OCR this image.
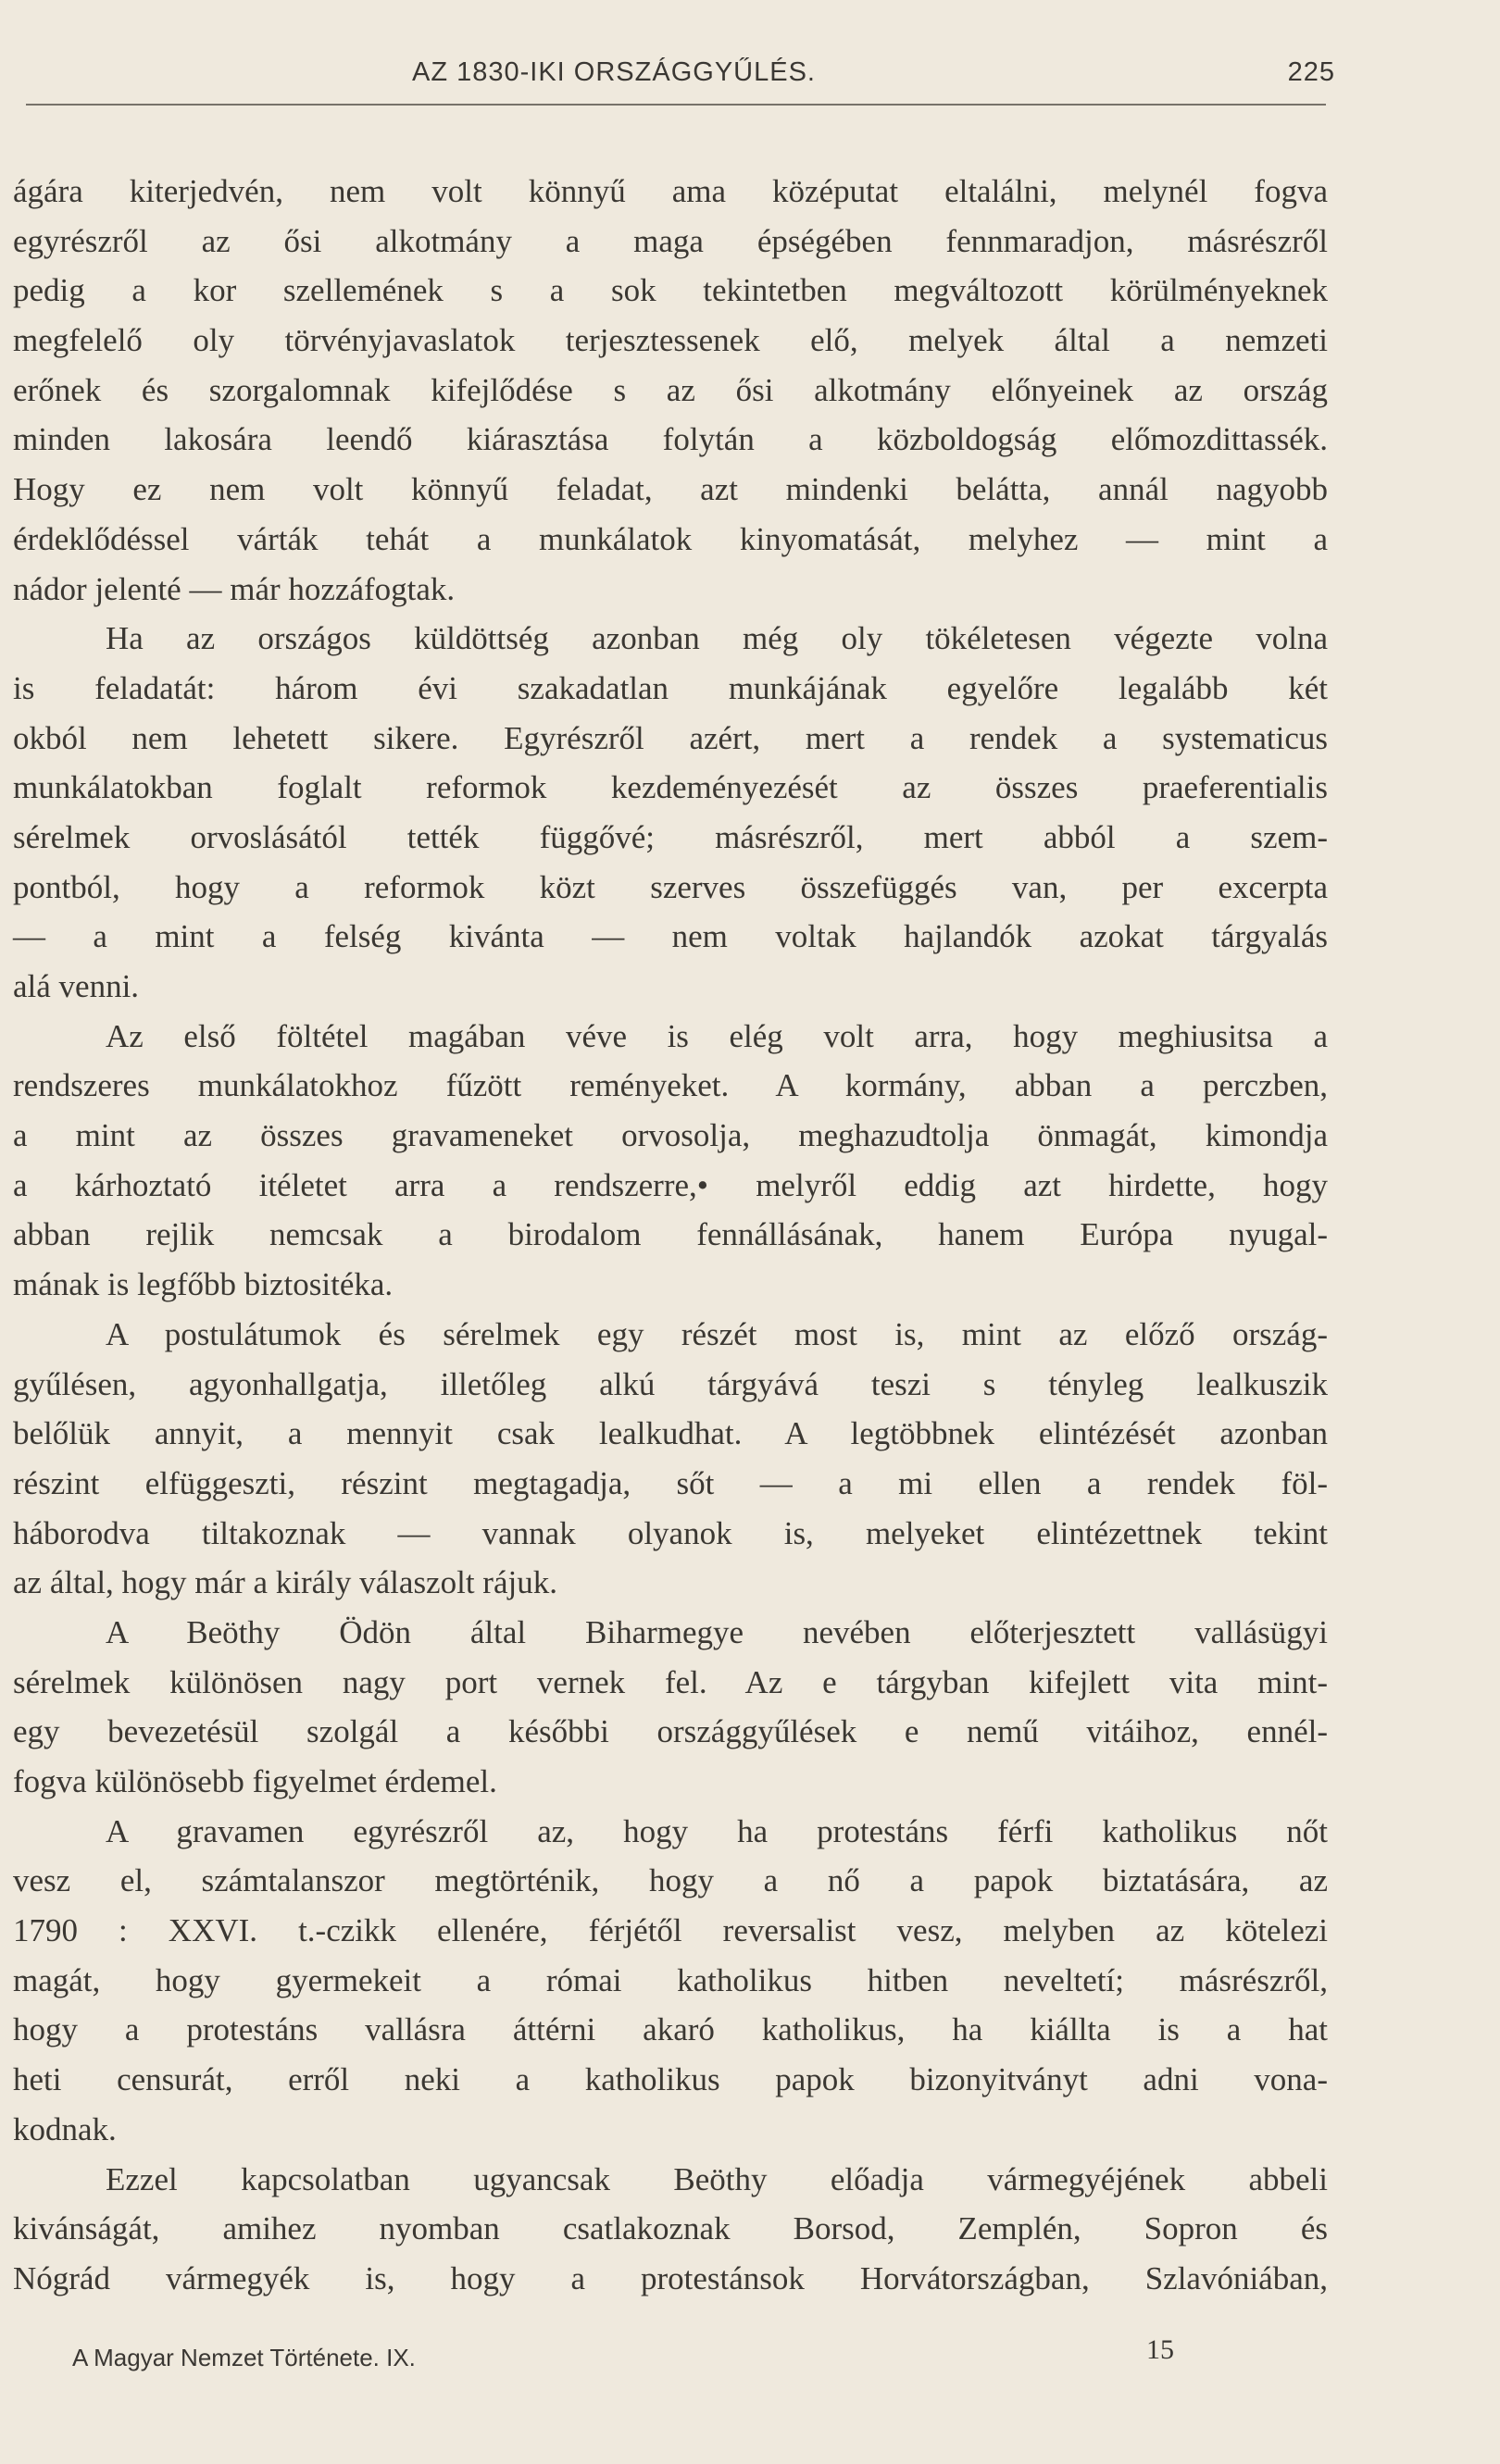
AZ 1830-IKI ORSZÁGGYŰLÉS.	225
ágára kiterjedvén, nem volt könnyű ama középutat eltalálni, melynél fogva
egyrészről az ősi alkotmány a maga épségében fennmaradjon, másrészről
pedig a kor szellemének s a sok tekintetben megváltozott körülményeknek
megfelelő oly törvényjavaslatok terjesztessenek elő, melyek által a nemzeti
erőnek és szorgalomnak kifejlődése s az ősi alkotmány előnyeinek az ország
minden lakosára leendő kiárasztása folytán a közboldogság előmozdittassék.
Hogy ez nem volt könnyű feladat, azt mindenki belátta, annál nagyobb
érdeklődéssel várták tehát a munkálatok kinyomatását, melyhez — mint a
nádor jelenté — már hozzáfogtak.
Ha az országos küldöttség azonban még oly tökéletesen végezte volna
is feladatát: három évi szakadatlan munkájának egyelőre legalább két
okból nem lehetett sikere. Egyrészről azért, mert a rendek a systematicus
munkálatokban foglalt reformok kezdeményezését az összes praeferentialis
sérelmek orvoslásától tették függővé; másrészről, mert abból a szem-
pontból, hogy a reformok közt szerves összefüggés van, per excerpta
— a mint a felség kivánta — nem voltak hajlandók azokat tárgyalás
alá venni.
Az első föltétel magában véve is elég volt arra, hogy meghiusitsa a
rendszeres munkálatokhoz fűzött reményeket. A kormány, abban a perczben,
a mint az összes gravameneket orvosolja, meghazudtolja önmagát, kimondja
a kárhoztató itéletet arra a rendszerre,• melyről eddig azt hirdette, hogy
abban rejlik nemcsak a birodalom fennállásának, hanem Európa nyugal-
mának is legfőbb biztositéka.
A postulátumok és sérelmek egy részét most is, mint az előző ország-
gyűlésen, agyonhallgatja, illetőleg alkú tárgyává teszi s tényleg lealkuszik
belőlük annyit, a mennyit csak lealkudhat. A legtöbbnek elintézését azonban
részint elfüggeszti, részint megtagadja, sőt — a mi ellen a rendek föl-
háborodva tiltakoznak — vannak olyanok is, melyeket elintézettnek tekint
az által, hogy már a király válaszolt rájuk.
A Beöthy Ödön által Biharmegye nevében előterjesztett vallásügyi
sérelmek különösen nagy port vernek fel. Az e tárgyban kifejlett vita mint-
egy bevezetésül szolgál a későbbi országgyűlések e nemű vitáihoz, ennél-
fogva különösebb figyelmet érdemel.
A gravamen egyrészről az, hogy ha protestáns férfi katholikus nőt
vesz el, számtalanszor megtörténik, hogy a nő a papok biztatására, az
1790 : XXVI. t.-czikk ellenére, férjétől reversalist vesz, melyben az kötelezi
magát, hogy gyermekeit a római katholikus hitben neveltetí; másrészről,
hogy a protestáns vallásra áttérni akaró katholikus, ha kiállta is a hat
heti censurát, erről neki a katholikus papok bizonyitványt adni vona-
kodnak.
Ezzel kapcsolatban ugyancsak Beöthy előadja vármegyéjének abbeli
kivánságát, amihez nyomban csatlakoznak Borsod, Zemplén, Sopron és
Nógrád vármegyék is, hogy a protestánsok Horvátországban, Szlavóniában,
A Magyar Nemzet Története. IX.	15
